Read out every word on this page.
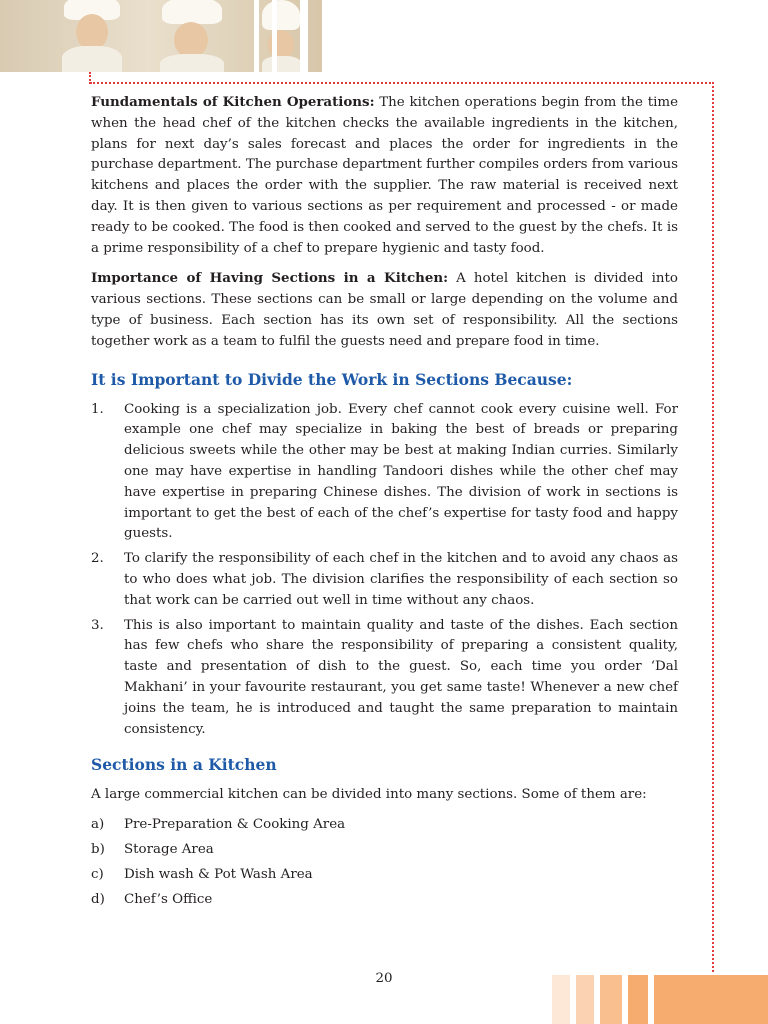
Fundamentals of Kitchen Operations: The kitchen operations begin from the time when the head chef of the kitchen checks the available ingredients in the kitchen, plans for next day’s sales forecast and places the order for ingredients in the purchase department. The purchase department further compiles orders from various kitchens and places the order with the supplier. The raw material is received next day. It is then given to various sections as per requirement and processed - or made ready to be cooked. The food is then cooked and served to the guest by the chefs. It is a prime responsibility of a chef to prepare hygienic and tasty food.

Importance of Having Sections in a Kitchen: A hotel kitchen is divided into various sections. These sections can be small or large depending on the volume and type of business. Each section has its own set of responsibility. All the sections together work as a team to fulfil the guests need and prepare food in time.

It is Important to Divide the Work in Sections Because:
1. Cooking is a specialization job. Every chef cannot cook every cuisine well. For example one chef may specialize in baking the best of breads or preparing delicious sweets while the other may be best at making Indian curries. Similarly one may have expertise in handling Tandoori dishes while the other chef may have expertise in preparing Chinese dishes. The division of work in sections is important to get the best of each of the chef’s expertise for tasty food and happy guests.
2. To clarify the responsibility of each chef in the kitchen and to avoid any chaos as to who does what job. The division clarifies the responsibility of each section so that work can be carried out well in time without any chaos.
3. This is also important to maintain quality and taste of the dishes. Each section has few chefs who share the responsibility of preparing a consistent quality, taste and presentation of dish to the guest. So, each time you order ‘Dal Makhani’ in your favourite restaurant, you get same taste! Whenever a new chef joins the team, he is introduced and taught the same preparation to maintain consistency.
Sections in a Kitchen

A large commercial kitchen can be divided into many sections. Some of them are:

a) Pre-Preparation & Cooking Area
b) Storage Area
c) Dish wash & Pot Wash Area
d) Chef’s Office
20
